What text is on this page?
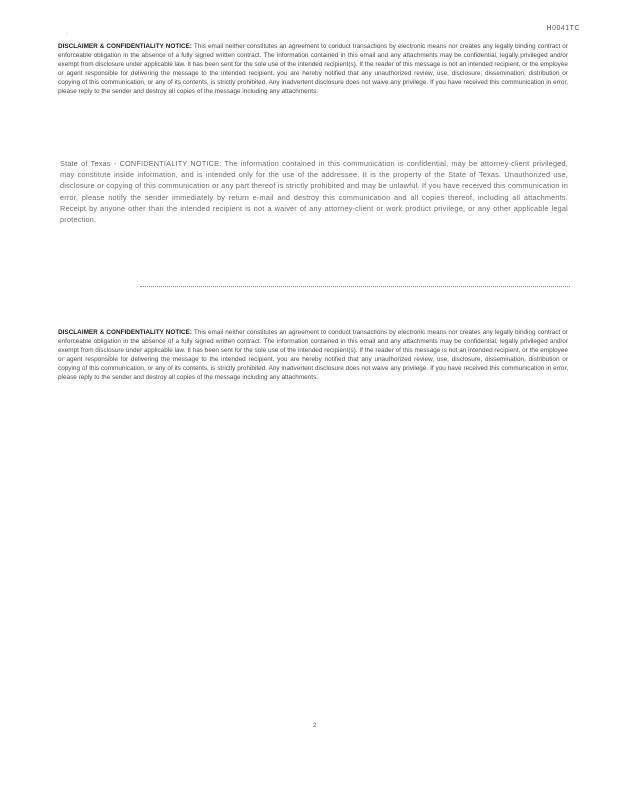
H0041TC
.
DISCLAIMER & CONFIDENTIALITY NOTICE: This email neither constitutes an agreement to conduct transactions by electronic means nor creates any legally binding contract or enforceable obligation in the absence of a fully signed written contract. The information contained in this email and any attachments may be confidential, legally privileged and/or exempt from disclosure under applicable law. It has been sent for the sole use of the intended recipient(s). If the reader of this message is not an intended recipient, or the employee or agent responsible for delivering the message to the intended recipient, you are hereby notified that any unauthorized review, use, disclosure, dissemination, distribution or copying of this communication, or any of its contents, is strictly prohibited. Any inadvertent disclosure does not waive any privilege. If you have received this communication in error, please reply to the sender and destroy all copies of the message including any attachments.
State of Texas - CONFIDENTIALITY NOTICE: The information contained in this communication is confidential, may be attorney-client privileged, may constitute inside information, and is intended only for the use of the addressee. It is the property of the State of Texas. Unauthorized use, disclosure or copying of this communication or any part thereof is strictly prohibited and may be unlawful. If you have received this communication in error, please notify the sender immediately by return e-mail and destroy this communication and all copies thereof, including all attachments. Receipt by anyone other than the intended recipient is not a waiver of any attorney-client or work product privilege, or any other applicable legal protection.
DISCLAIMER & CONFIDENTIALITY NOTICE: This email neither constitutes an agreement to conduct transactions by electronic means nor creates any legally binding contract or enforceable obligation in the absence of a fully signed written contract. The information contained in this email and any attachments may be confidential, legally privileged and/or exempt from disclosure under applicable law. It has been sent for the sole use of the intended recipient(s). If the reader of this message is not an intended recipient, or the employee or agent responsible for delivering the message to the intended recipient, you are hereby notified that any unauthorized review, use, disclosure, dissemination, distribution or copying of this communication, or any of its contents, is strictly prohibited. Any inadvertent disclosure does not waive any privilege. If you have received this communication in error, please reply to the sender and destroy all copies of the message including any attachments.
2
